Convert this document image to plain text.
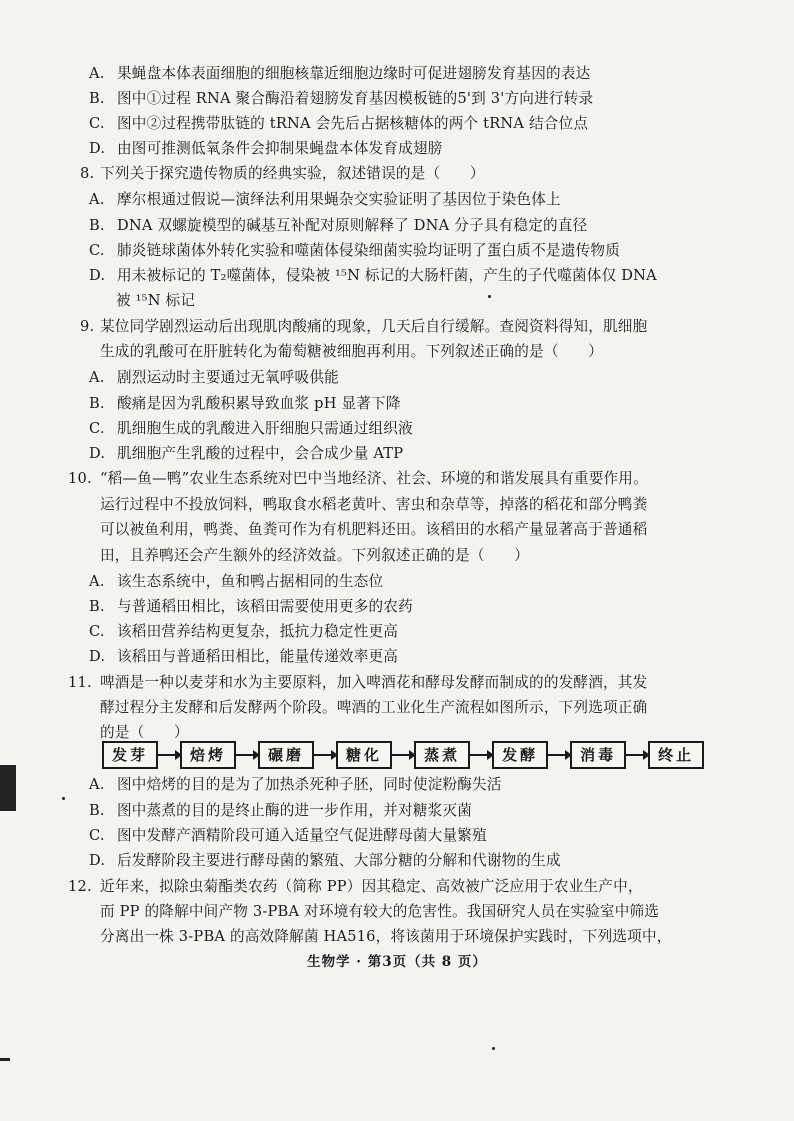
A. 果蝇盘本体表面细胞的细胞核靠近细胞边缘时可促进翅膀发育基因的表达
B. 图中①过程 RNA 聚合酶沿着翅膀发育基因模板链的5'到 3'方向进行转录
C. 图中②过程携带肽链的 tRNA 会先后占据核糖体的两个 tRNA 结合位点
D. 由图可推测低氧条件会抑制果蝇盘本体发育成翅膀
8. 下列关于探究遗传物质的经典实验，叙述错误的是（　　）
A. 摩尔根通过假说—演绎法利用果蝇杂交实验证明了基因位于染色体上
B. DNA 双螺旋模型的碱基互补配对原则解释了 DNA 分子具有稳定的直径
C. 肺炎链球菌体外转化实验和噬菌体侵染细菌实验均证明了蛋白质不是遗传物质
D. 用未被标记的 T₂噬菌体，侵染被 ¹⁵N 标记的大肠杆菌，产生的子代噬菌体仅 DNA
被 ¹⁵N 标记
9. 某位同学剧烈运动后出现肌肉酸痛的现象，几天后自行缓解。查阅资料得知，肌细胞
生成的乳酸可在肝脏转化为葡萄糖被细胞再利用。下列叙述正确的是（　　）
A. 剧烈运动时主要通过无氧呼吸供能
B. 酸痛是因为乳酸积累导致血浆 pH 显著下降
C. 肌细胞生成的乳酸进入肝细胞只需通过组织液
D. 肌细胞产生乳酸的过程中，会合成少量 ATP
10. “稻—鱼—鸭”农业生态系统对巴中当地经济、社会、环境的和谐发展具有重要作用。
运行过程中不投放饲料，鸭取食水稻老黄叶、害虫和杂草等，掉落的稻花和部分鸭粪
可以被鱼利用，鸭粪、鱼粪可作为有机肥料还田。该稻田的水稻产量显著高于普通稻
田，且养鸭还会产生额外的经济效益。下列叙述正确的是（　　）
A. 该生态系统中，鱼和鸭占据相同的生态位
B. 与普通稻田相比，该稻田需要使用更多的农药
C. 该稻田营养结构更复杂，抵抗力稳定性更高
D. 该稻田与普通稻田相比，能量传递效率更高
11. 啤酒是一种以麦芽和水为主要原料，加入啤酒花和酵母发酵而制成的的发酵酒，其发
酵过程分主发酵和后发酵两个阶段。啤酒的工业化生产流程如图所示，下列选项正确
的是（　　）
发芽	焙烤	碾磨	糖化	蒸煮	发酵	消毒	终止
A. 图中焙烤的目的是为了加热杀死种子胚，同时使淀粉酶失活
B. 图中蒸煮的目的是终止酶的进一步作用，并对糖浆灭菌
C. 图中发酵产酒精阶段可通入适量空气促进酵母菌大量繁殖
D. 后发酵阶段主要进行酵母菌的繁殖、大部分糖的分解和代谢物的生成
12. 近年来，拟除虫菊酯类农药（简称 PP）因其稳定、高效被广泛应用于农业生产中，
而 PP 的降解中间产物 3-PBA 对环境有较大的危害性。我国研究人员在实验室中筛选
分离出一株 3-PBA 的高效降解菌 HA516，将该菌用于环境保护实践时，下列选项中，
生物学 · 第3页（共 8 页）
